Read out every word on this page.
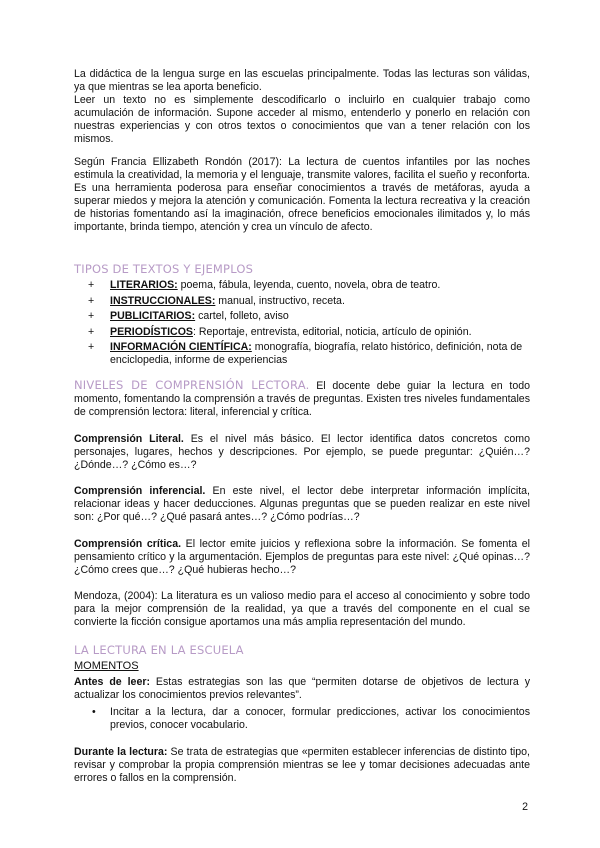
La didáctica de la lengua surge en las escuelas principalmente. Todas las lecturas son válidas, ya que mientras se lea aporta beneficio.

Leer un texto no es simplemente descodificarlo o incluirlo en cualquier trabajo como acumulación de información. Supone acceder al mismo, entenderlo y ponerlo en relación con nuestras experiencias y con otros textos o conocimientos que van a tener relación con los mismos.

Según Francia Ellizabeth Rondón (2017): La lectura de cuentos infantiles por las noches estimula la creatividad, la memoria y el lenguaje, transmite valores, facilita el sueño y reconforta. Es una herramienta poderosa para enseñar conocimientos a través de metáforas, ayuda a superar miedos y mejora la atención y comunicación. Fomenta la lectura recreativa y la creación de historias fomentando así la imaginación, ofrece beneficios emocionales ilimitados y, lo más importante, brinda tiempo, atención y crea un vínculo de afecto.

TIPOS DE TEXTOS Y EJEMPLOS
+ LITERARIOS: poema, fábula, leyenda, cuento, novela, obra de teatro.
+ INSTRUCCIONALES: manual, instructivo, receta.
+ PUBLICITARIOS: cartel, folleto, aviso
+ PERIODÍSTICOS: Reportaje, entrevista, editorial, noticia, artículo de opinión.
+ INFORMACIÓN CIENTÍFICA: monografía, biografía, relato histórico, definición, nota de enciclopedia, informe de experiencias

NIVELES DE COMPRENSIÓN LECTORA. El docente debe guiar la lectura en todo momento, fomentando la comprensión a través de preguntas. Existen tres niveles fundamentales de comprensión lectora: literal, inferencial y crítica.

Comprensión Literal. Es el nivel más básico. El lector identifica datos concretos como personajes, lugares, hechos y descripciones. Por ejemplo, se puede preguntar: ¿Quién…? ¿Dónde…? ¿Cómo es…?

Comprensión inferencial. En este nivel, el lector debe interpretar información implícita, relacionar ideas y hacer deducciones. Algunas preguntas que se pueden realizar en este nivel son: ¿Por qué…? ¿Qué pasará antes…? ¿Cómo podrías…?

Comprensión crítica. El lector emite juicios y reflexiona sobre la información. Se fomenta el pensamiento crítico y la argumentación. Ejemplos de preguntas para este nivel: ¿Qué opinas…? ¿Cómo crees que…? ¿Qué hubieras hecho…?

Mendoza, (2004): La literatura es un valioso medio para el acceso al conocimiento y sobre todo para la mejor comprensión de la realidad, ya que a través del componente en el cual se convierte la ficción consigue aportamos una más amplia representación del mundo.

LA LECTURA EN LA ESCUELA

MOMENTOS

Antes de leer: Estas estrategias son las que “permiten dotarse de objetivos de lectura y actualizar los conocimientos previos relevantes”.

• Incitar a la lectura, dar a conocer, formular predicciones, activar los conocimientos previos, conocer vocabulario.

Durante la lectura: Se trata de estrategias que «permiten establecer inferencias de distinto tipo, revisar y comprobar la propia comprensión mientras se lee y tomar decisiones adecuadas ante errores o fallos en la comprensión.

2
